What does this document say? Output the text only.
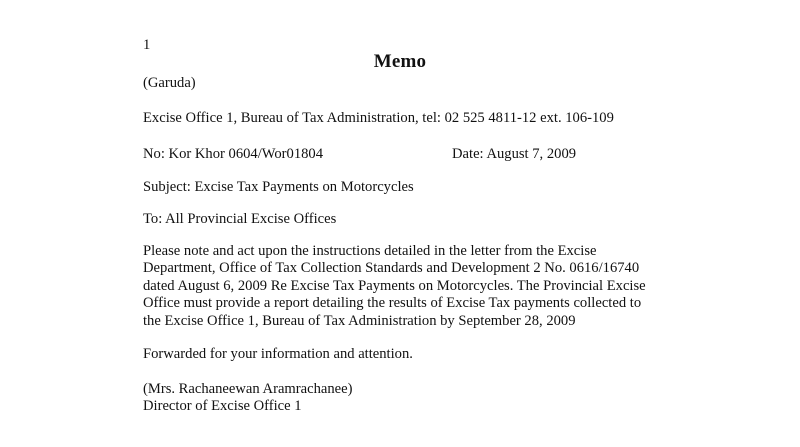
1
Memo
(Garuda)
Excise Office 1, Bureau of Tax Administration, tel: 02 525 4811-12 ext. 106-109
No: Kor Khor 0604/Wor01804	Date: August 7, 2009
Subject: Excise Tax Payments on Motorcycles
To: All Provincial Excise Offices
Please note and act upon the instructions detailed in the letter from the Excise
Department, Office of Tax Collection Standards and Development 2 No. 0616/16740
dated August 6, 2009 Re Excise Tax Payments on Motorcycles. The Provincial Excise
Office must provide a report detailing the results of Excise Tax payments collected to
the Excise Office 1, Bureau of Tax Administration by September 28, 2009
Forwarded for your information and attention.
(Mrs. Rachaneewan Aramrachanee)
Director of Excise Office 1
